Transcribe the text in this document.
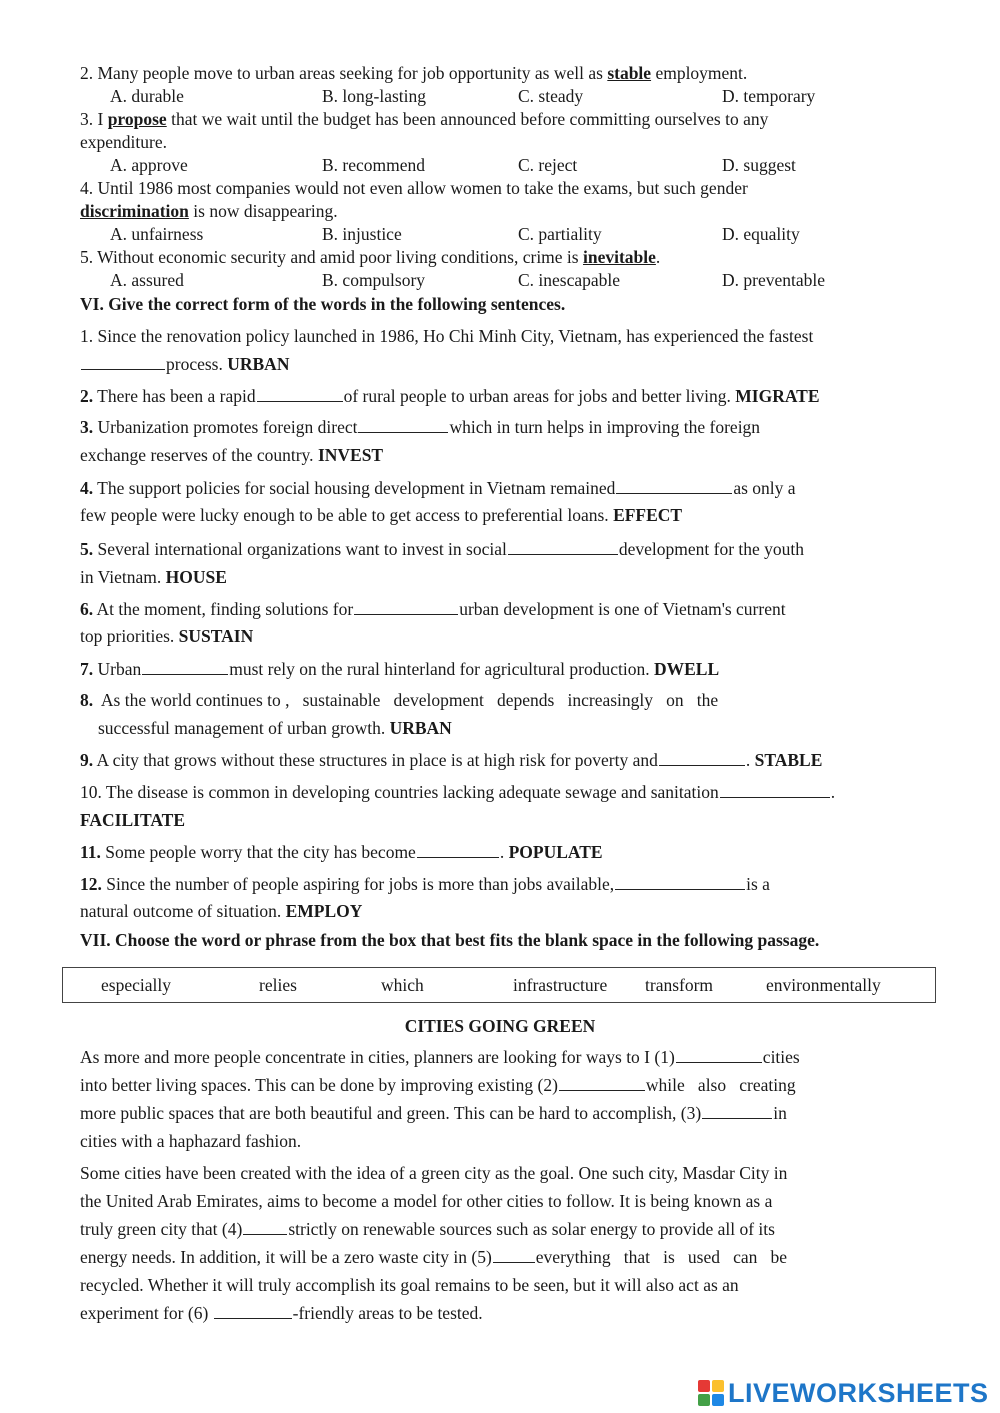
2. Many people move to urban areas seeking for job opportunity as well as stable employment.
A. durable	B. long-lasting	C. steady	D. temporary
3. I propose that we wait until the budget has been announced before committing ourselves to any
expenditure.
A. approve	B. recommend	C. reject	D. suggest
4. Until 1986 most companies would not even allow women to take the exams, but such gender
discrimination is now disappearing.
A. unfairness	B. injustice	C. partiality	D. equality
5. Without economic security and amid poor living conditions, crime is inevitable.
A. assured	B. compulsory	C. inescapable	D. preventable
VI. Give the correct form of the words in the following sentences.
1. Since the renovation policy launched in 1986, Ho Chi Minh City, Vietnam, has experienced the fastest
process. URBAN
2. There has been a rapid	of rural people to urban areas for jobs and better living. MIGRATE
3. Urbanization promotes foreign direct	which in turn helps in improving the foreign
exchange reserves of the country. INVEST
4. The support policies for social housing development in Vietnam remained	as only a
few people were lucky enough to be able to get access to preferential loans. EFFECT
5. Several international organizations want to invest in social	development for the youth
in Vietnam. HOUSE
6. At the moment, finding solutions for	urban development is one of Vietnam's current
top priorities. SUSTAIN
7. Urban	must rely on the rural hinterland for agricultural production. DWELL
8.  As the world continues to ,   sustainable   development   depends   increasingly   on   the
successful management of urban growth. URBAN
9. A city that grows without these structures in place is at high risk for poverty and	. STABLE
10. The disease is common in developing countries lacking adequate sewage and sanitation	.
FACILITATE
11. Some people worry that the city has become	. POPULATE
12. Since the number of people aspiring for jobs is more than jobs available,	is a
natural outcome of situation. EMPLOY
VII. Choose the word or phrase from the box that best fits the blank space in the following passage.
especially	relies	which	infrastructure transform	environmentally
CITIES GOING GREEN
As more and more people concentrate in cities, planners are looking for ways to I (1)	cities
into better living spaces. This can be done by improving existing (2)	while   also   creating
more public spaces that are both beautiful and green. This can be hard to accomplish, (3)	in
cities with a haphazard fashion.
Some cities have been created with the idea of a green city as the goal. One such city, Masdar City in
the United Arab Emirates, aims to become a model for other cities to follow. It is being known as a
truly green city that (4)	strictly on renewable sources such as solar energy to provide all of its
energy needs. In addition, it will be a zero waste city in (5)	everything   that   is   used   can   be
recycled. Whether it will truly accomplish its goal remains to be seen, but it will also act as an
experiment for (6)	-friendly areas to be tested.
LIVEWORKSHEETS
